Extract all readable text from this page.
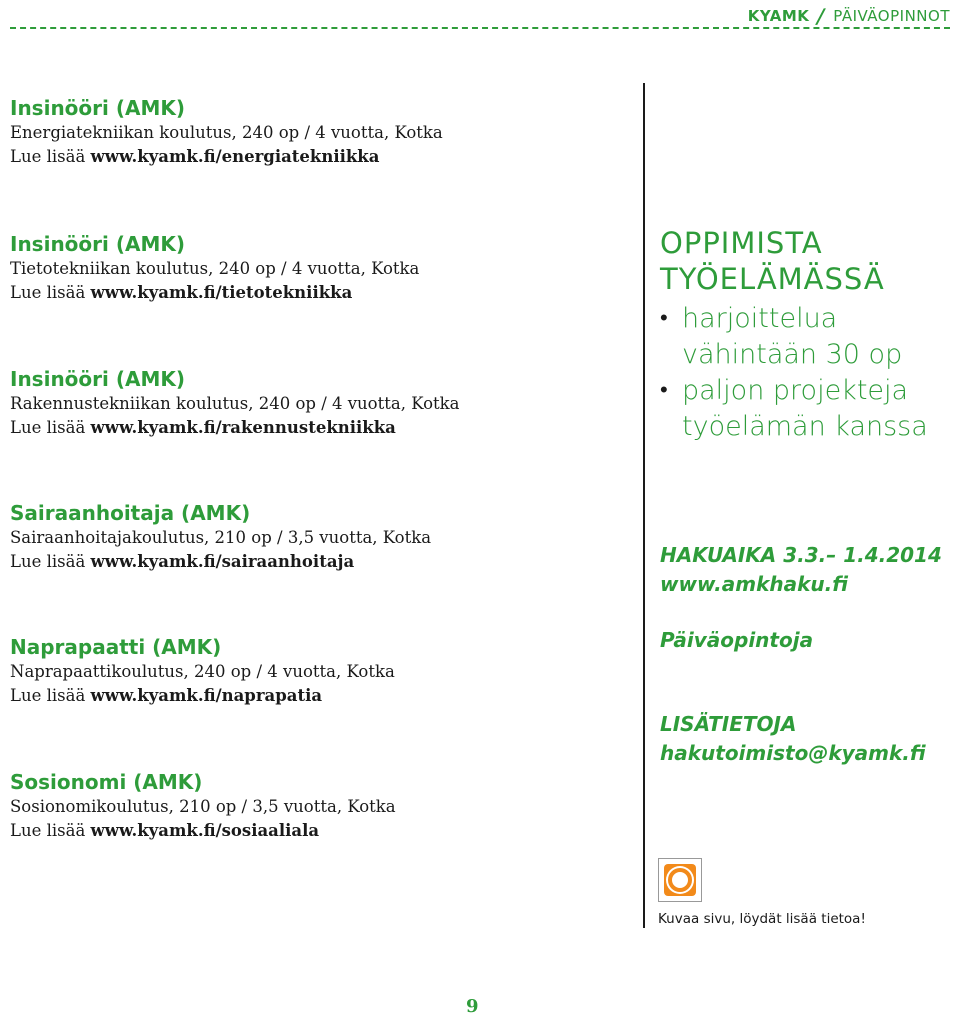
KYAMK / PÄIVÄOPINNOT
Insinööri (AMK)

Energiatekniikan koulutus, 240 op / 4 vuotta, Kotka

Lue lisää www.kyamk.fi/energiatekniikka

Insinööri (AMK)

Tietotekniikan koulutus, 240 op / 4 vuotta, Kotka

Lue lisää www.kyamk.fi/tietotekniikka

Insinööri (AMK)

Rakennustekniikan koulutus, 240 op / 4 vuotta, Kotka

Lue lisää www.kyamk.fi/rakennustekniikka

Sairaanhoitaja (AMK)

Sairaanhoitajakoulutus, 210 op / 3,5 vuotta, Kotka

Lue lisää www.kyamk.fi/sairaanhoitaja

Naprapaatti (AMK)

Naprapaattikoulutus, 240 op / 4 vuotta, Kotka

Lue lisää www.kyamk.fi/naprapatia

Sosionomi (AMK)

Sosionomikoulutus, 210 op / 3,5 vuotta, Kotka

Lue lisää www.kyamk.fi/sosiaaliala

OPPIMISTA
TYÖELÄMÄSSÄ
• harjoittelua
vähintään 30 op
• paljon projekteja
työelämän kanssa
HAKUAIKA 3.3.– 1.4.2014
www.amkhaku.fi
Päiväopintoja
LISÄTIETOJA
hakutoimisto@kyamk.fi
Kuvaa sivu, löydät lisää tietoa!
9
